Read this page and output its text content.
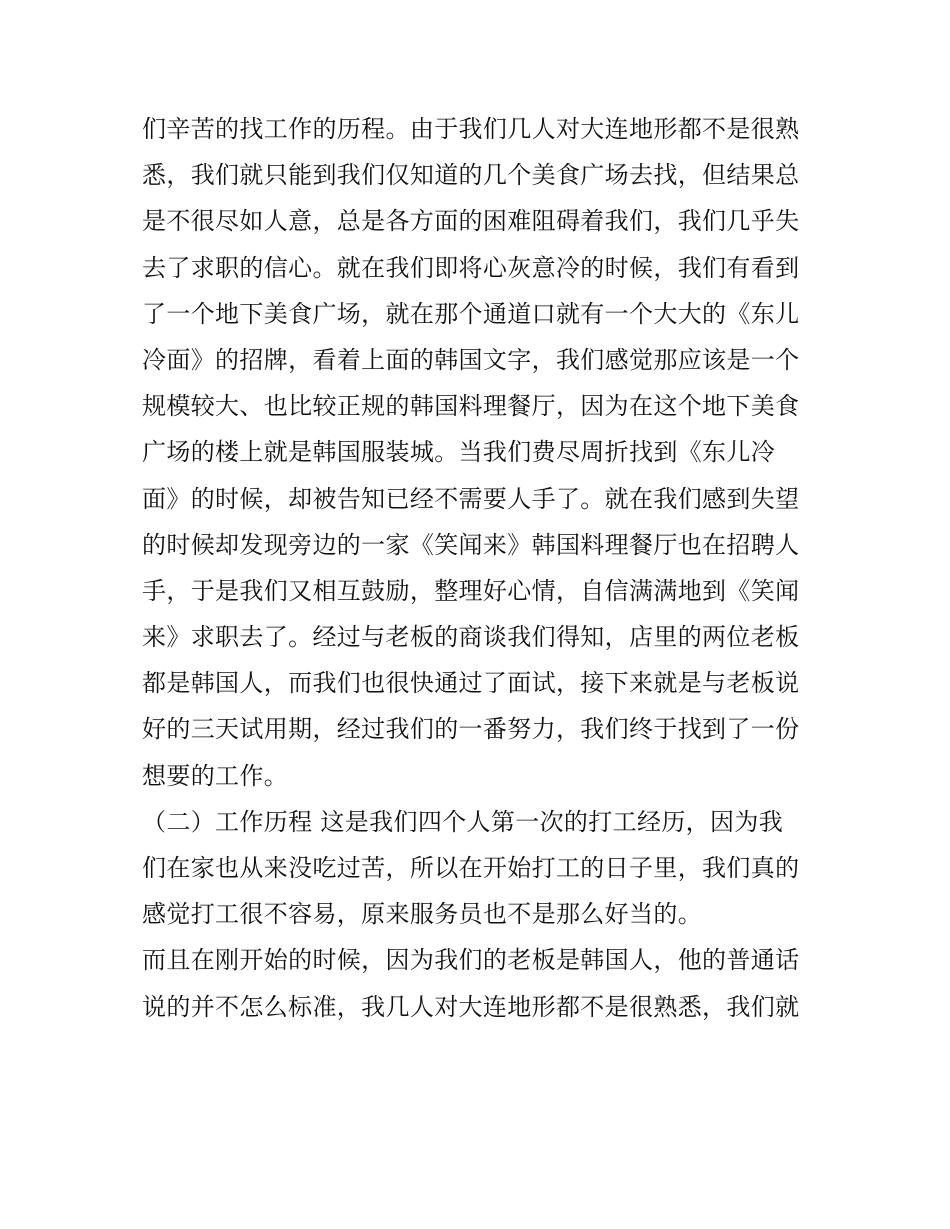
们辛苦的找工作的历程。由于我们几人对大连地形都不是很熟
悉，我们就只能到我们仅知道的几个美食广场去找，但结果总
是不很尽如人意，总是各方面的困难阻碍着我们，我们几乎失
去了求职的信心。就在我们即将心灰意冷的时候，我们有看到
了一个地下美食广场，就在那个通道口就有一个大大的《东儿
冷面》的招牌，看着上面的韩国文字，我们感觉那应该是一个
规模较大、也比较正规的韩国料理餐厅，因为在这个地下美食
广场的楼上就是韩国服装城。当我们费尽周折找到《东儿冷
面》的时候，却被告知已经不需要人手了。就在我们感到失望
的时候却发现旁边的一家《笑闻来》韩国料理餐厅也在招聘人
手，于是我们又相互鼓励，整理好心情，自信满满地到《笑闻
来》求职去了。经过与老板的商谈我们得知，店里的两位老板
都是韩国人，而我们也很快通过了面试，接下来就是与老板说
好的三天试用期，经过我们的一番努力，我们终于找到了一份
想要的工作。
（二）工作历程 这是我们四个人第一次的打工经历，因为我
们在家也从来没吃过苦，所以在开始打工的日子里，我们真的
感觉打工很不容易，原来服务员也不是那么好当的。
而且在刚开始的时候，因为我们的老板是韩国人，他的普通话
说的并不怎么标准，我几人对大连地形都不是很熟悉，我们就
